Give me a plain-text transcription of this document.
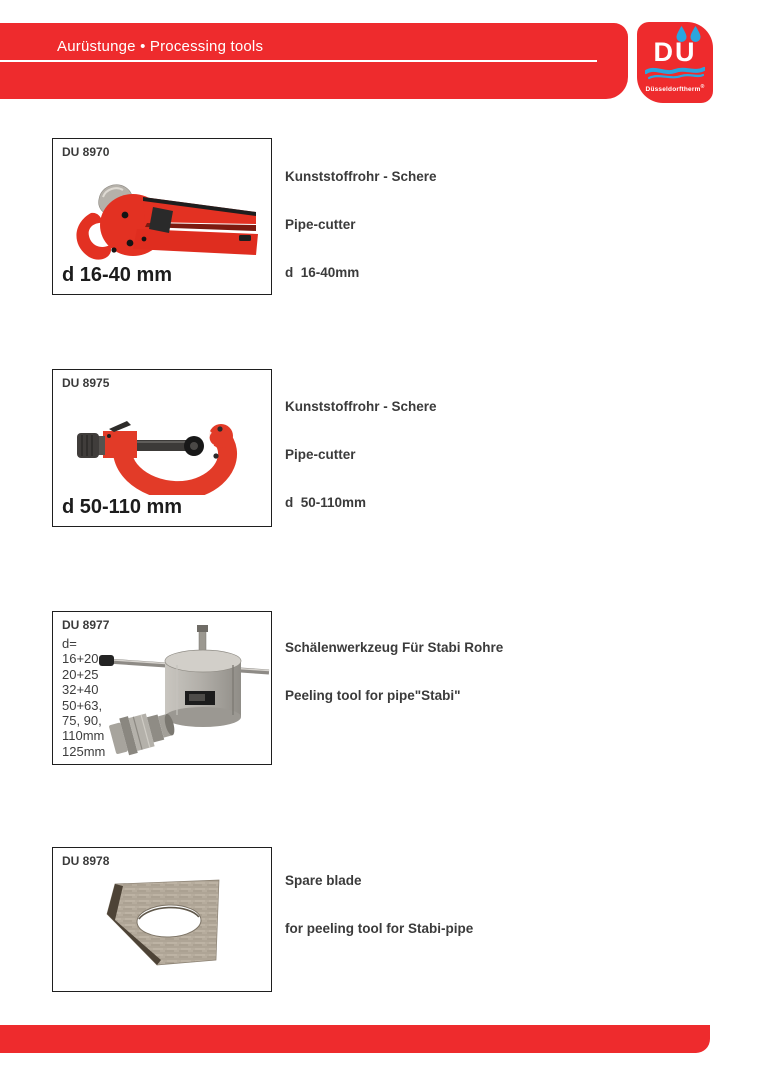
Aurüstunge • Processing tools	DU
Düsseldorftherm®
DU 8970
d 16-40 mm

Kunststoffrohr - Schere

Pipe-cutter

d  16-40mm

DU 8975
d 50-110 mm

Kunststoffrohr - Schere

Pipe-cutter

d  50-110mm

DU 8977
d=
16+20
20+25
32+40
50+63,
75, 90,
110mm
125mm

Schälenwerkzeug Für Stabi Rohre

Peeling tool for pipe"Stabi"

DU 8978

Spare blade

for peeling tool for Stabi-pipe
